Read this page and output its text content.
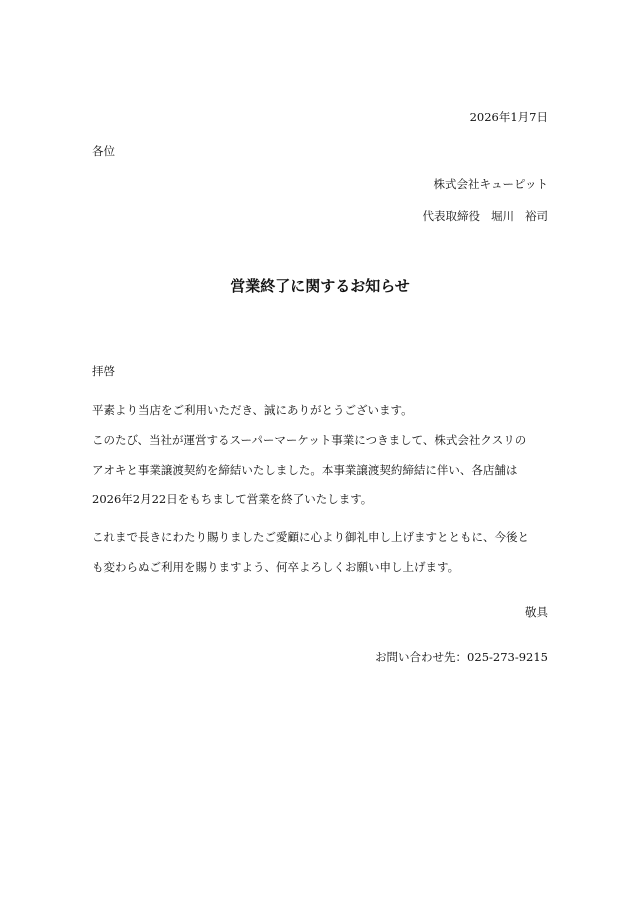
2026年1月7日
各位
株式会社キューピット
代表取締役 堀川 裕司
営業終了に関するお知らせ
拝啓
平素より当店をご利用いただき、誠にありがとうございます。
このたび、当社が運営するスーパーマーケット事業につきまして、株式会社クスリの
アオキと事業譲渡契約を締結いたしました。本事業譲渡契約締結に伴い、各店舗は
2026年2月22日をもちまして営業を終了いたします。
これまで長きにわたり賜りましたご愛顧に心より御礼申し上げますとともに、今後と
も変わらぬご利用を賜りますよう、何卒よろしくお願い申し上げます。
敬具
お問い合わせ先：025-273-9215
